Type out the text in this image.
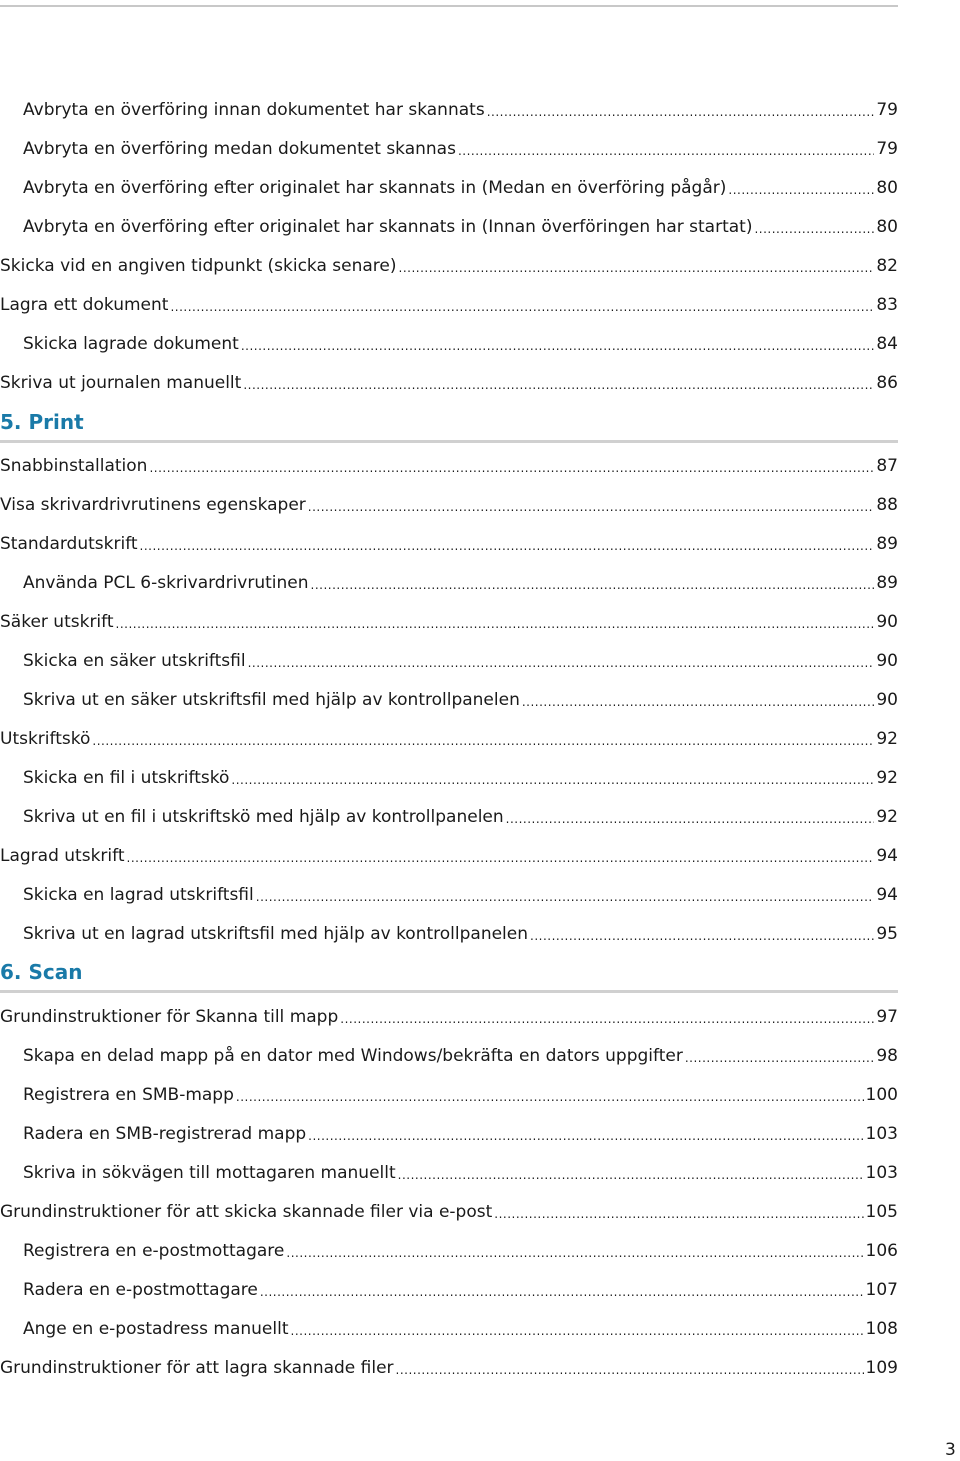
Avbryta en överföring innan dokumentet har skannats .....	79
Avbryta en överföring medan dokumentet skannas .....	79
Avbryta en överföring efter originalet har skannats in (Medan en överföring pågår) .....	80
Avbryta en överföring efter originalet har skannats in (Innan överföringen har startat) .....	80
Skicka vid en angiven tidpunkt (skicka senare) .....	82
Lagra ett dokument .....	83
Skicka lagrade dokument .....	84
Skriva ut journalen manuellt .....	86
5. Print
Snabbinstallation .....	87
Visa skrivardrivrutinens egenskaper .....	88
Standardutskrift .....	89
Använda PCL 6-skrivardrivrutinen .....	89
Säker utskrift .....	90
Skicka en säker utskriftsfil .....	90
Skriva ut en säker utskriftsfil med hjälp av kontrollpanelen .....	90
Utskriftskö .....	92
Skicka en fil i utskriftskö .....	92
Skriva ut en fil i utskriftskö med hjälp av kontrollpanelen .....	92
Lagrad utskrift .....	94
Skicka en lagrad utskriftsfil .....	94
Skriva ut en lagrad utskriftsfil med hjälp av kontrollpanelen .....	95
6. Scan
Grundinstruktioner för Skanna till mapp .....	97
Skapa en delad mapp på en dator med Windows/bekräfta en dators uppgifter .....	98
Registrera en SMB-mapp .....	100
Radera en SMB-registrerad mapp .....	103
Skriva in sökvägen till mottagaren manuellt .....	103
Grundinstruktioner för att skicka skannade filer via e-post .....	105
Registrera en e-postmottagare .....	106
Radera en e-postmottagare .....	107
Ange en e-postadress manuellt .....	108
Grundinstruktioner för att lagra skannade filer .....	109
3
